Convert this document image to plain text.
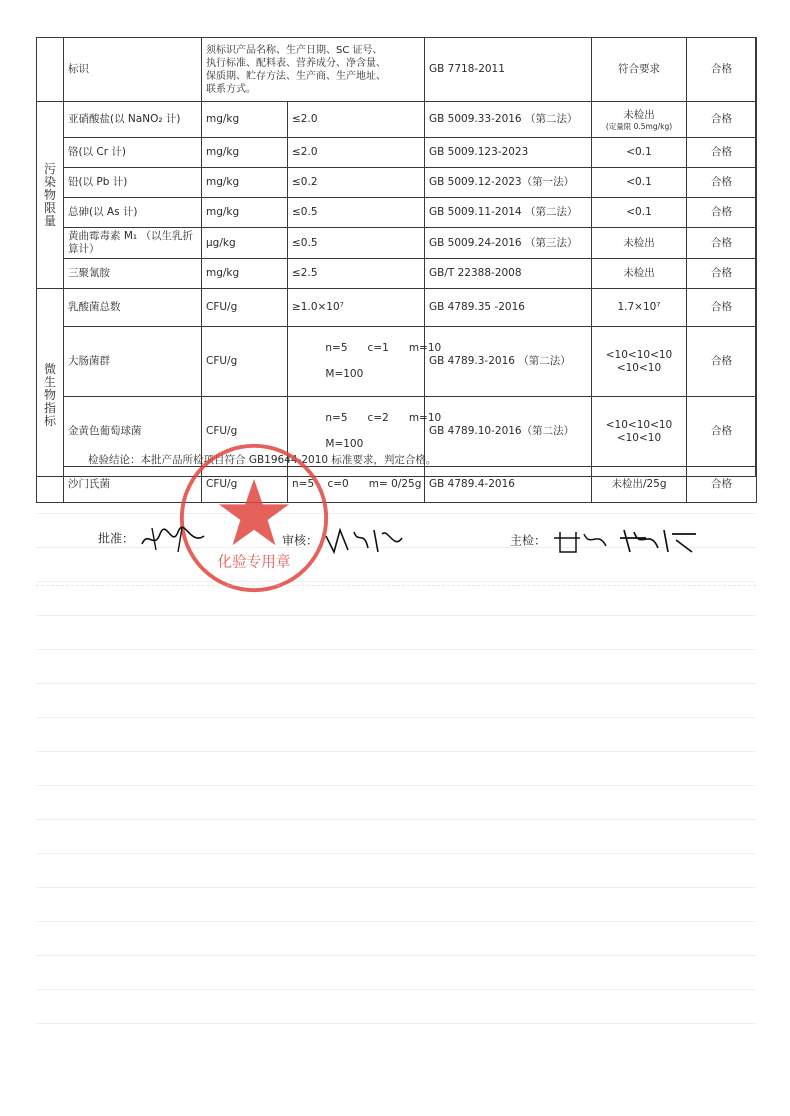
	标识	须标识产品名称、生产日期、SC 证号、
执行标准、配料表、营养成分、净含量、
保质期、贮存方法、生产商、生产地址、
联系方式。		GB 7718-2011	符合要求	合格
污
染
物
限
量	亚硝酸盐(以 NaNO₂ 计)	mg/kg	≤2.0	GB 5009.33-2016 （第二法）	未检出
(定量限 0.5mg/kg)	合格
	铬(以 Cr 计)	mg/kg	≤2.0	GB 5009.123-2023	<0.1	合格
	铅(以 Pb 计)	mg/kg	≤0.2	GB 5009.12-2023（第一法）	<0.1	合格
	总砷(以 As 计)	mg/kg	≤0.5	GB 5009.11-2014 （第二法）	<0.1	合格
	黄曲霉毒素 M₁ （以生乳折算计）	μg/kg	≤0.5	GB 5009.24-2016 （第三法）	未检出	合格
	三聚氰胺	mg/kg	≤2.5	GB/T 22388-2008	未检出	合格
微
生
物
指
标	乳酸菌总数	CFU/g	≥1.0×10⁷	GB 4789.35 -2016	1.7×10⁷	合格
	大肠菌群	CFU/g	n=5      c=1      m=10

M=100	GB 4789.3-2016 （第二法）	<10<10<10
<10<10	合格
	金黄色葡萄球菌	CFU/g	n=5      c=2      m=10

M=100	GB 4789.10-2016（第二法）	<10<10<10
<10<10	合格
	沙门氏菌	CFU/g	n=5    c=0      m= 0/25g	GB 4789.4-2016	未检出/25g	合格
检验结论：本批产品所检项目符合 GB19644-2010 标准要求，判定合格。
化验专用章
批准：	审核：	主检：
